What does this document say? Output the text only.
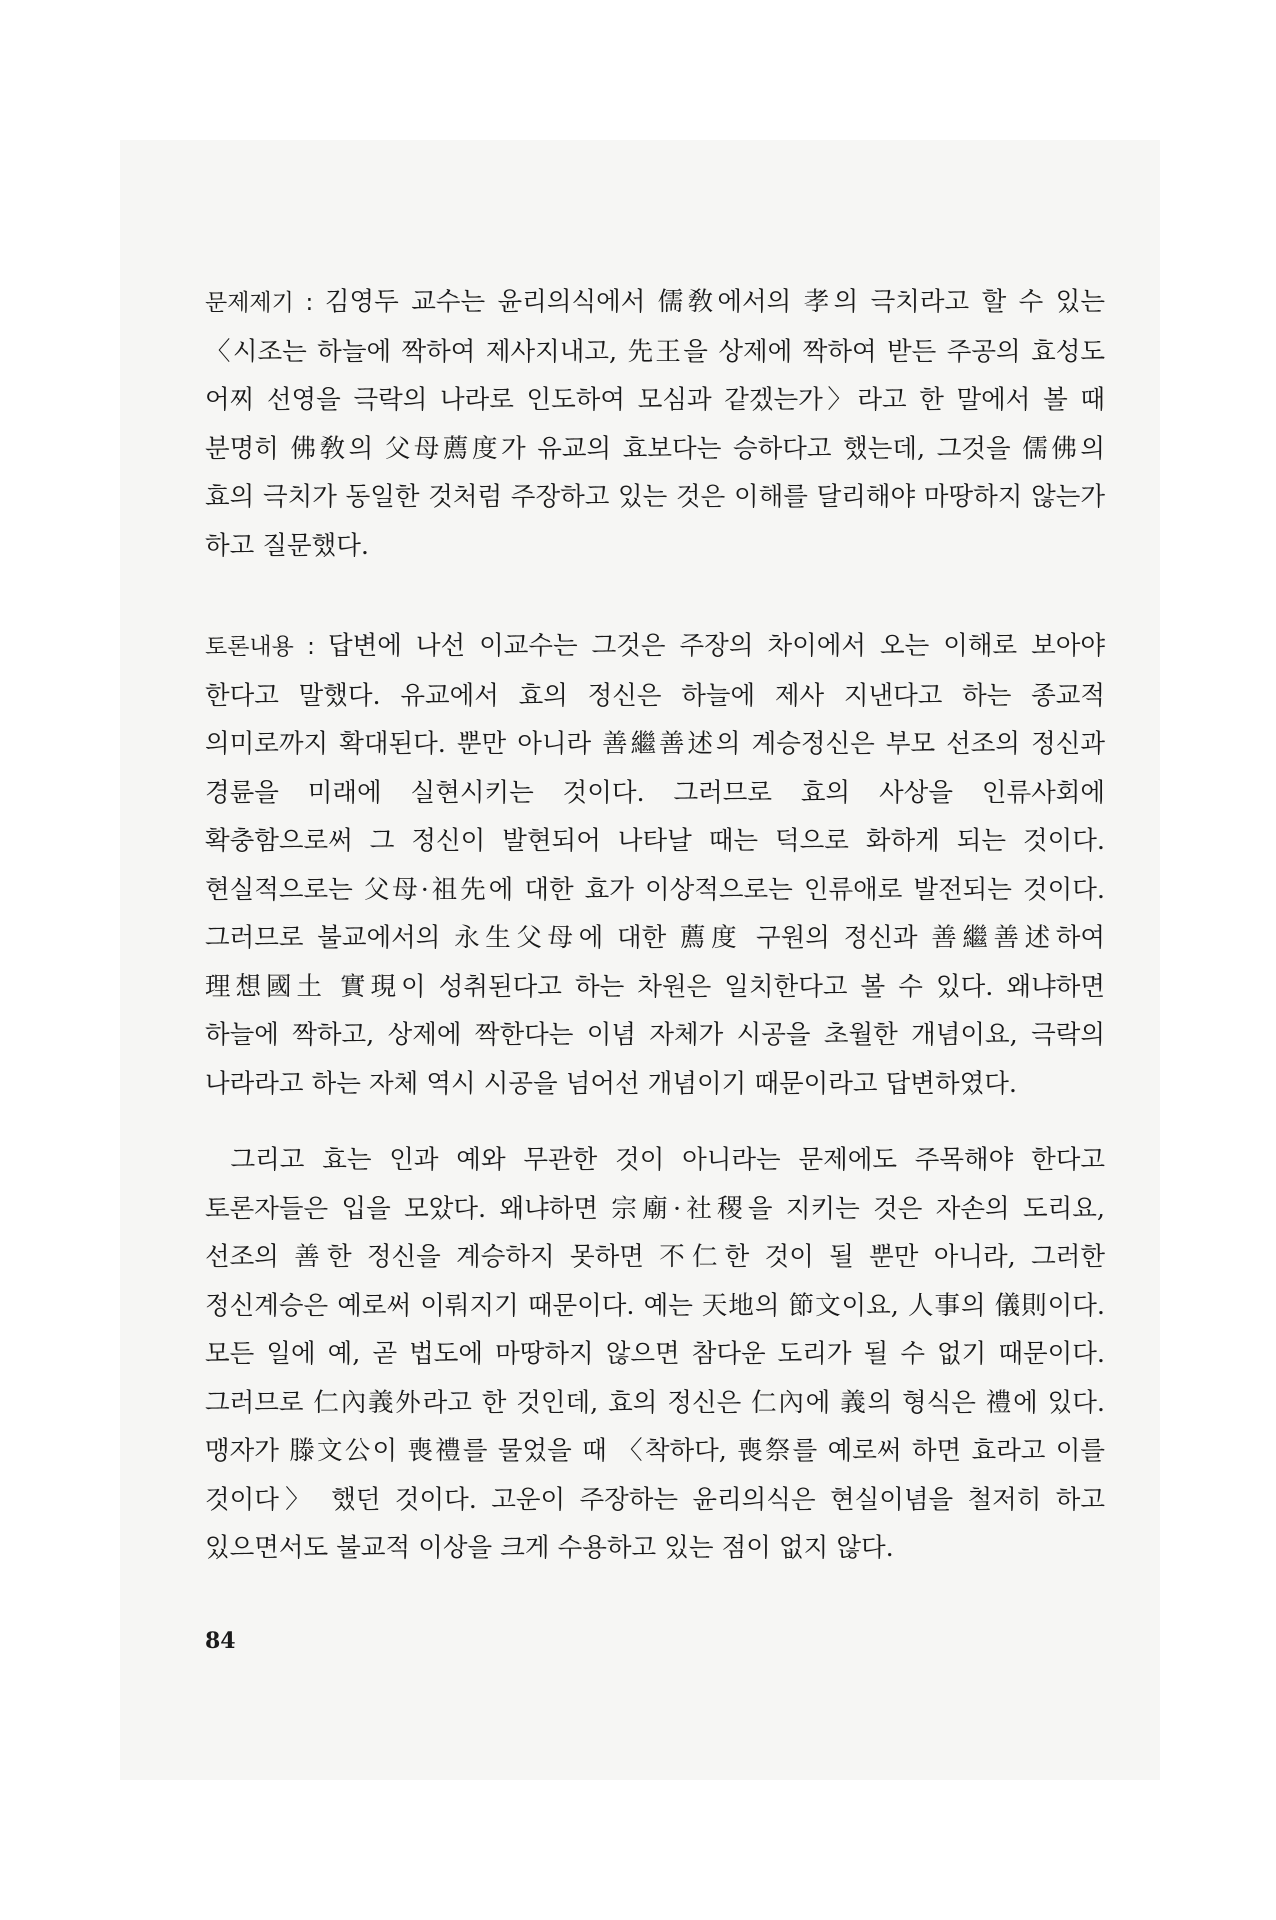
문제제기 : 김영두 교수는 윤리의식에서 儒敎에서의 孝의 극치라고 할 수 있는 〈시조는 하늘에 짝하여 제사지내고, 先王을 상제에 짝하여 받든 주공의 효성도 어찌 선영을 극락의 나라로 인도하여 모심과 같겠는가〉라고 한 말에서 볼 때 분명히 佛敎의 父母薦度가 유교의 효보다는 승하다고 했는데, 그것을 儒佛의 효의 극치가 동일한 것처럼 주장하고 있는 것은 이해를 달리해야 마땅하지 않는가 하고 질문했다.

토론내용 : 답변에 나선 이교수는 그것은 주장의 차이에서 오는 이해로 보아야 한다고 말했다. 유교에서 효의 정신은 하늘에 제사 지낸다고 하는 종교적 의미로까지 확대된다. 뿐만 아니라 善繼善述의 계승정신은 부모 선조의 정신과 경륜을 미래에 실현시키는 것이다. 그러므로 효의 사상을 인류사회에 확충함으로써 그 정신이 발현되어 나타날 때는 덕으로 화하게 되는 것이다. 현실적으로는 父母·祖先에 대한 효가 이상적으로는 인류애로 발전되는 것이다. 그러므로 불교에서의 永生父母에 대한 薦度 구원의 정신과 善繼善述하여 理想國土 實現이 성취된다고 하는 차원은 일치한다고 볼 수 있다. 왜냐하면 하늘에 짝하고, 상제에 짝한다는 이념 자체가 시공을 초월한 개념이요, 극락의 나라라고 하는 자체 역시 시공을 넘어선 개념이기 때문이라고 답변하였다.

그리고 효는 인과 예와 무관한 것이 아니라는 문제에도 주목해야 한다고 토론자들은 입을 모았다. 왜냐하면 宗廟·社稷을 지키는 것은 자손의 도리요, 선조의 善한 정신을 계승하지 못하면 不仁한 것이 될 뿐만 아니라, 그러한 정신계승은 예로써 이뤄지기 때문이다. 예는 天地의 節文이요, 人事의 儀則이다. 모든 일에 예, 곧 법도에 마땅하지 않으면 참다운 도리가 될 수 없기 때문이다. 그러므로 仁內義外라고 한 것인데, 효의 정신은 仁內에 義의 형식은 禮에 있다. 맹자가 滕文公이 喪禮를 물었을 때 〈착하다, 喪祭를 예로써 하면 효라고 이를 것이다〉 했던 것이다. 고운이 주장하는 윤리의식은 현실이념을 철저히 하고 있으면서도 불교적 이상을 크게 수용하고 있는 점이 없지 않다.

84
